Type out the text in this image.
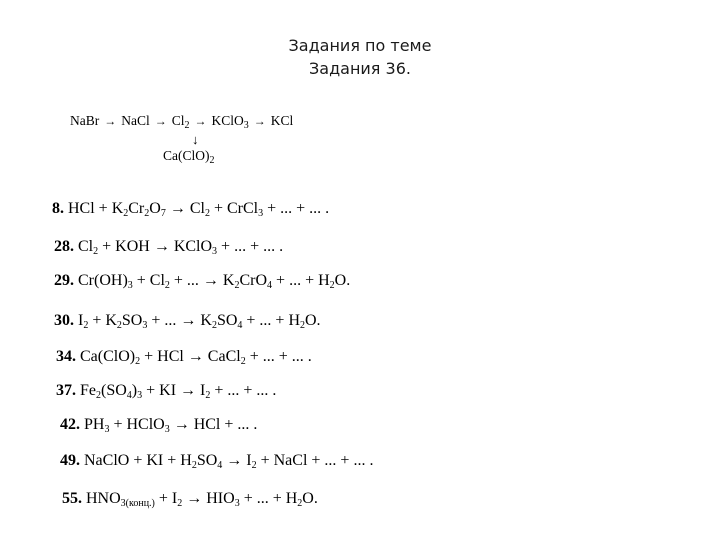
Задания по теме
Задания 36.
NaBr → NaCl → $Cl_2$ → KClO$_3$ → KCl
↓
$Ca(ClO)_2$
8. HCl + $K_2Cr_2O_7 \to Cl_2$ + CrCl$_3$ + ... + ... .
28. $Cl_2$ + KOH → KClO$_3$ + ... + ... .
29. $Cr(OH)_3 + Cl_2$ + ... → $K_2CrO_4$ + ... + $H_2O$.
30. $I_2 + K_2SO_3$ + ... → $K_2SO_4$ + ... + $H_2O$.
34. $Ca(ClO)_2$ + HCl → CaCl$_2$ + ... + ... .
37. $Fe_2(SO_4)_3$ + KI → $I_2$ + ... + ... .
42. $PH_3$ + HClO$_3$ → HCl + ... .
49. NaClO + KI + $H_2SO_4 \to I_2$ + NaCl + ... + ... .
55. $HNO_{3(конц.)} + I_2 \to HIO_3$ + ... + $H_2O$.
